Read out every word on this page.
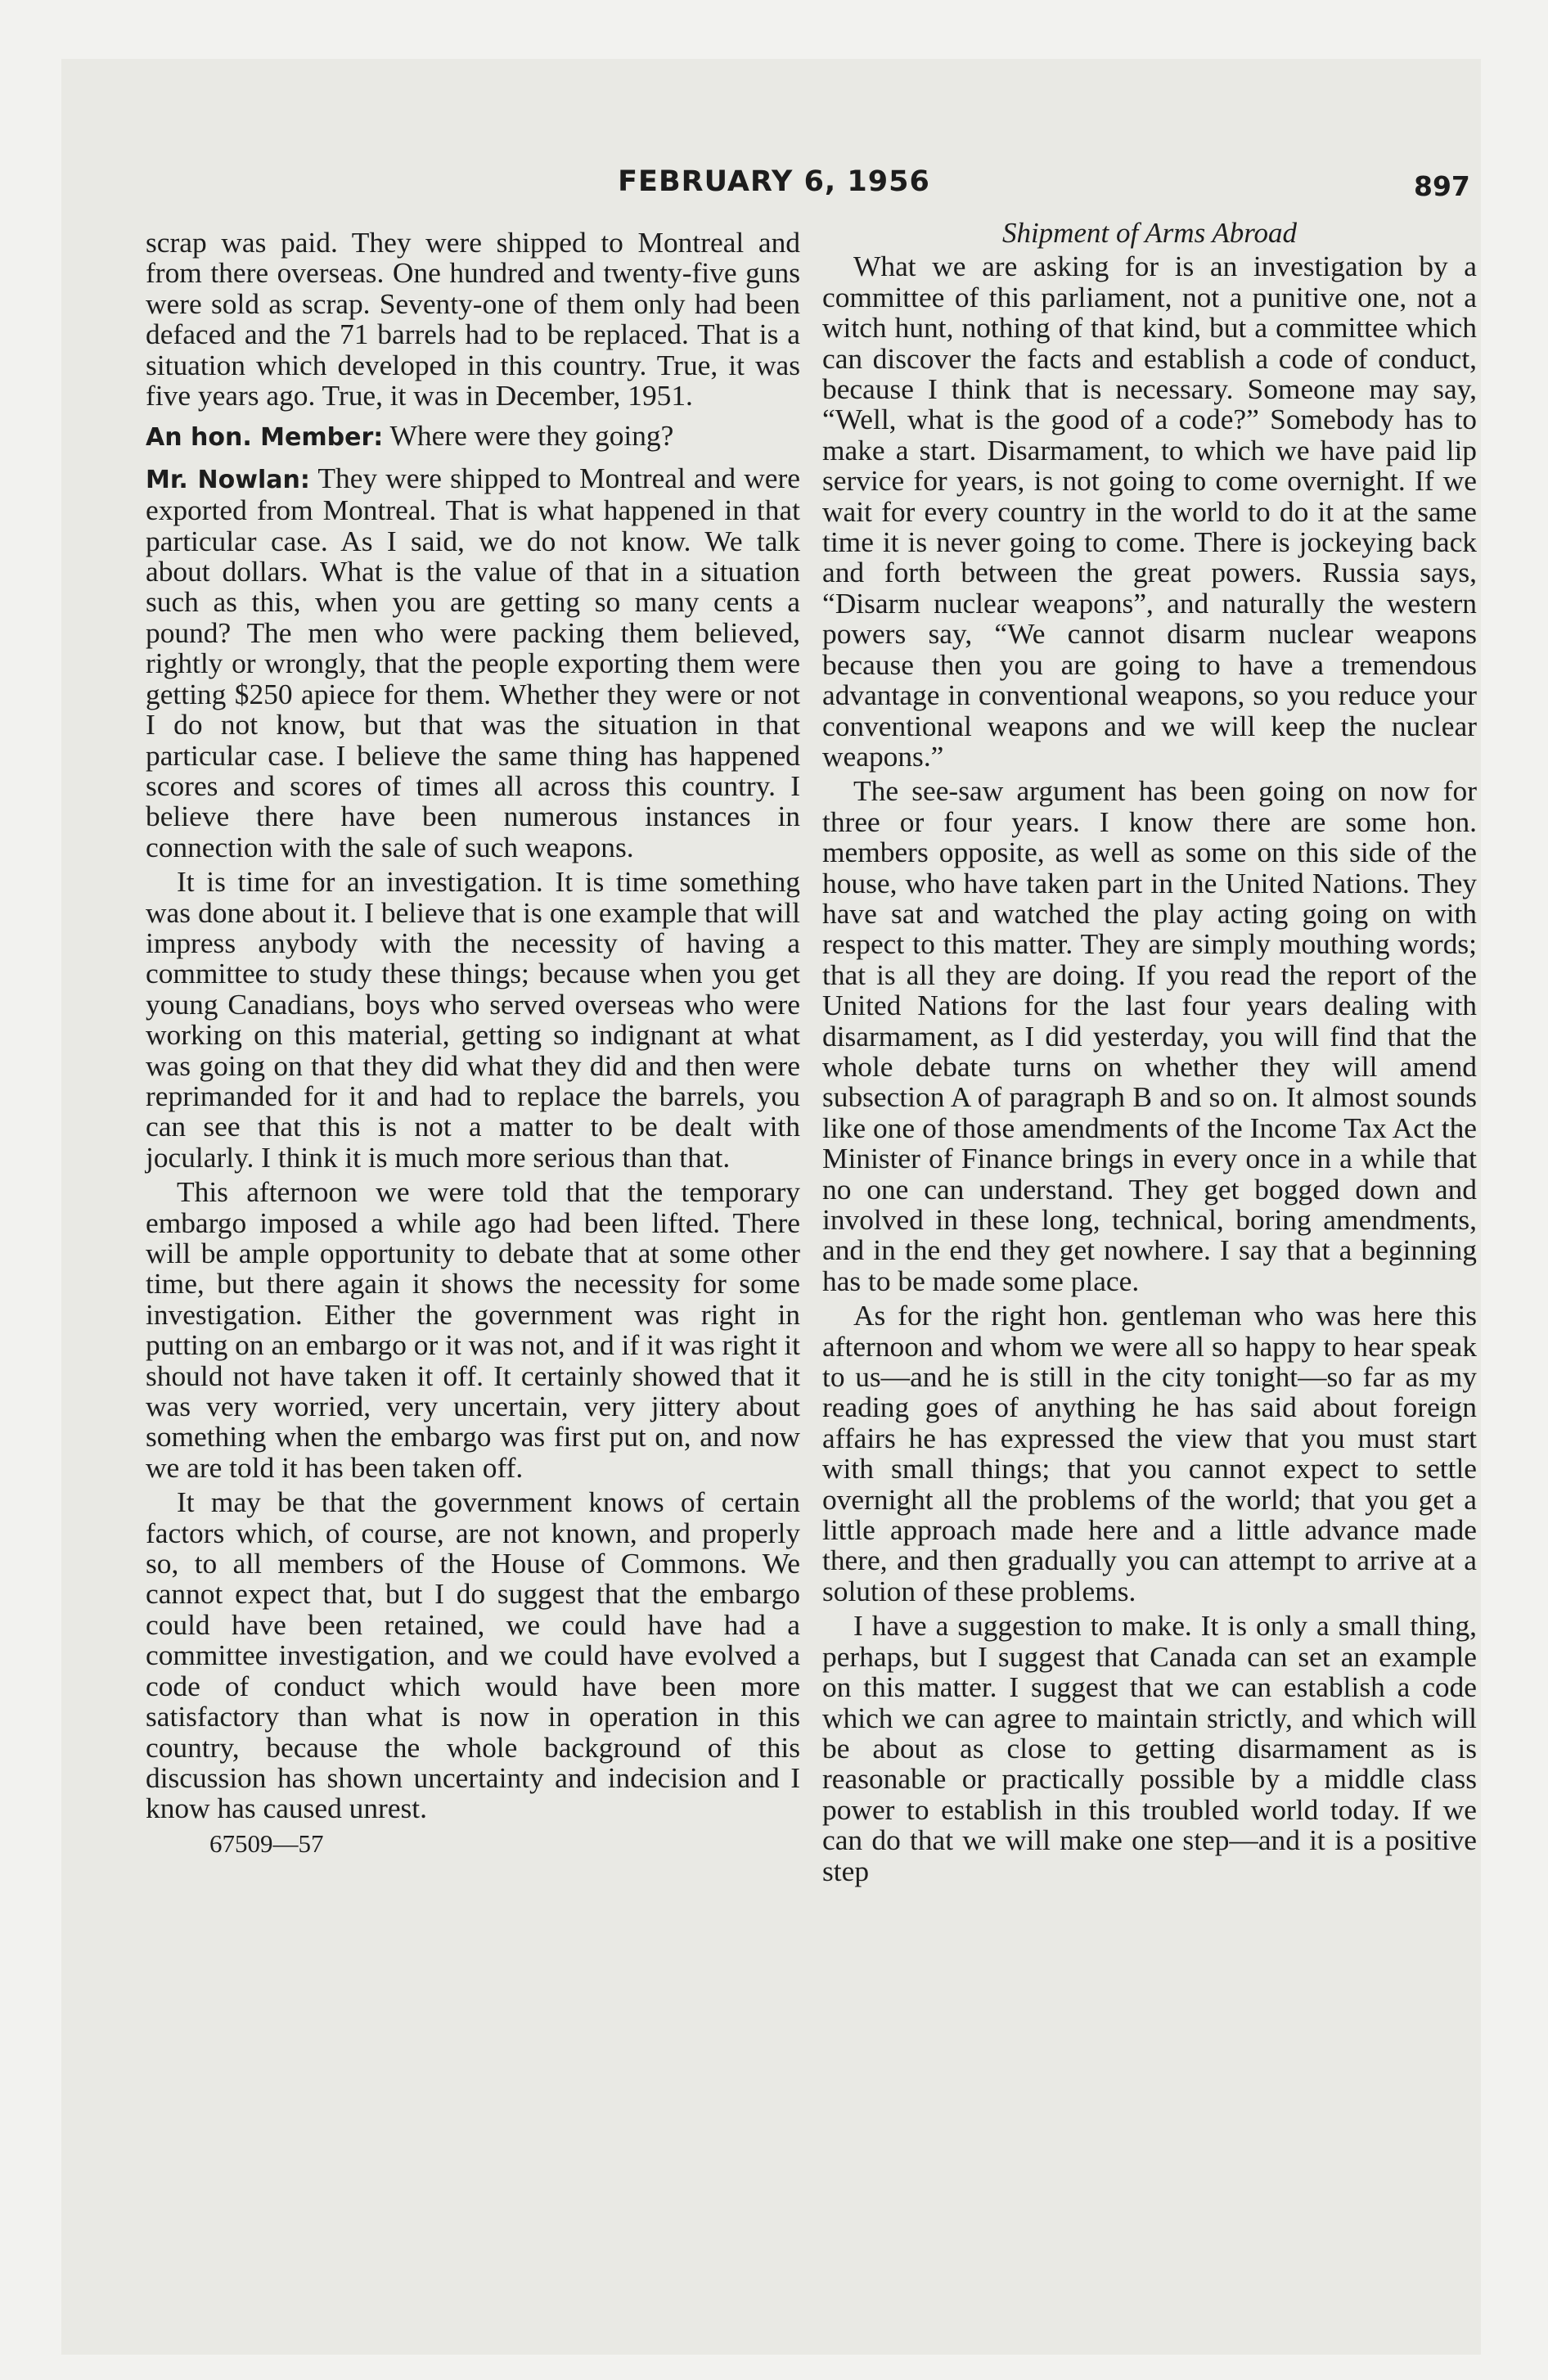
FEBRUARY 6, 1956	897

scrap was paid. They were shipped to Montreal and from there overseas. One hundred and twenty-five guns were sold as scrap. Seventy-one of them only had been defaced and the 71 barrels had to be replaced. That is a situation which developed in this country. True, it was five years ago. True, it was in December, 1951.

An hon. Member: Where were they going?

Mr. Nowlan: They were shipped to Montreal and were exported from Montreal. That is what happened in that particular case. As I said, we do not know. We talk about dollars. What is the value of that in a situation such as this, when you are getting so many cents a pound? The men who were packing them believed, rightly or wrongly, that the people exporting them were getting $250 apiece for them. Whether they were or not I do not know, but that was the situation in that particular case. I believe the same thing has happened scores and scores of times all across this country. I believe there have been numerous instances in connection with the sale of such weapons.

It is time for an investigation. It is time something was done about it. I believe that is one example that will impress anybody with the necessity of having a committee to study these things; because when you get young Canadians, boys who served overseas who were working on this material, getting so indignant at what was going on that they did what they did and then were reprimanded for it and had to replace the barrels, you can see that this is not a matter to be dealt with jocularly. I think it is much more serious than that.

This afternoon we were told that the temporary embargo imposed a while ago had been lifted. There will be ample opportunity to debate that at some other time, but there again it shows the necessity for some investigation. Either the government was right in putting on an embargo or it was not, and if it was right it should not have taken it off. It certainly showed that it was very worried, very uncertain, very jittery about something when the embargo was first put on, and now we are told it has been taken off.

It may be that the government knows of certain factors which, of course, are not known, and properly so, to all members of the House of Commons. We cannot expect that, but I do suggest that the embargo could have been retained, we could have had a committee investigation, and we could have evolved a code of conduct which would have been more satisfactory than what is now in operation in this country, because the whole background of this discussion has shown uncertainty and indecision and I know has caused unrest.

67509—57

Shipment of Arms Abroad

What we are asking for is an investigation by a committee of this parliament, not a punitive one, not a witch hunt, nothing of that kind, but a committee which can discover the facts and establish a code of conduct, because I think that is necessary. Someone may say, “Well, what is the good of a code?” Somebody has to make a start. Disarmament, to which we have paid lip service for years, is not going to come overnight. If we wait for every country in the world to do it at the same time it is never going to come. There is jockeying back and forth between the great powers. Russia says, “Disarm nuclear weapons”, and naturally the western powers say, “We cannot disarm nuclear weapons because then you are going to have a tremendous advantage in conventional weapons, so you reduce your conventional weapons and we will keep the nuclear weapons.”

The see-saw argument has been going on now for three or four years. I know there are some hon. members opposite, as well as some on this side of the house, who have taken part in the United Nations. They have sat and watched the play acting going on with respect to this matter. They are simply mouthing words; that is all they are doing. If you read the report of the United Nations for the last four years dealing with disarmament, as I did yesterday, you will find that the whole debate turns on whether they will amend subsection A of paragraph B and so on. It almost sounds like one of those amendments of the Income Tax Act the Minister of Finance brings in every once in a while that no one can understand. They get bogged down and involved in these long, technical, boring amendments, and in the end they get nowhere. I say that a beginning has to be made some place.

As for the right hon. gentleman who was here this afternoon and whom we were all so happy to hear speak to us—and he is still in the city tonight—so far as my reading goes of anything he has said about foreign affairs he has expressed the view that you must start with small things; that you cannot expect to settle overnight all the problems of the world; that you get a little approach made here and a little advance made there, and then gradually you can attempt to arrive at a solution of these problems.

I have a suggestion to make. It is only a small thing, perhaps, but I suggest that Canada can set an example on this matter. I suggest that we can establish a code which we can agree to maintain strictly, and which will be about as close to getting disarmament as is reasonable or practically possible by a middle class power to establish in this troubled world today. If we can do that we will make one step—and it is a positive step
